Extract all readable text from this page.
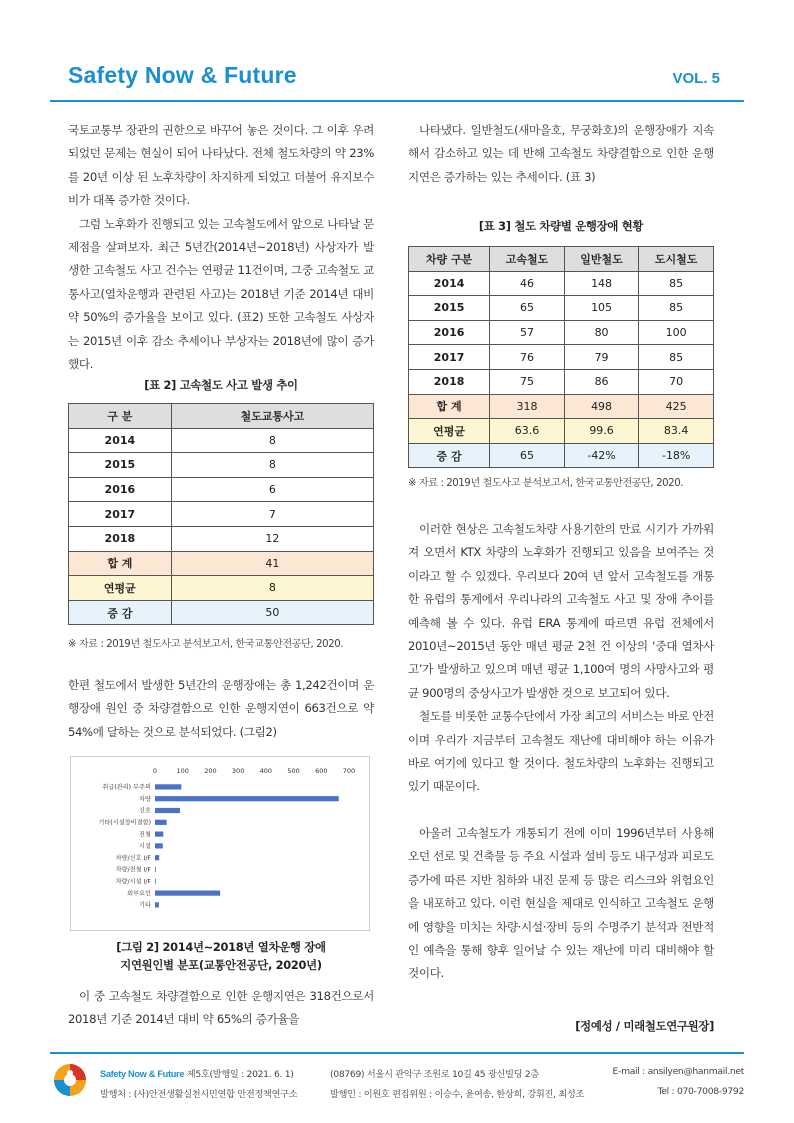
Safety Now & Future	VOL. 5

국토교통부 장관의 권한으로 바꾸어 놓은 것이다. 그 이후 우려되었던 문제는 현실이 되어 나타났다. 전체 철도차량의 약 23%를 20년 이상 된 노후차량이 차지하게 되었고 더불어 유지보수비가 대폭 증가한 것이다.

그럼 노후화가 진행되고 있는 고속철도에서 앞으로 나타날 문제점을 살펴보자. 최근 5년간(2014년~2018년) 사상자가 발생한 고속철도 사고 건수는 연평균 11건이며, 그중 고속철도 교통사고(열차운행과 관련된 사고)는 2018년 기준 2014년 대비 약 50%의 증가율을 보이고 있다. (표2) 또한 고속철도 사상자는 2015년 이후 감소 추세이나 부상자는 2018년에 많이 증가했다.

[표 2] 고속철도 사고 발생 추이
구 분	철도교통사고
2014	8
2015	8
2016	6
2017	7
2018	12
합 계	41
연평균	8
증 감	50
※ 자료 : 2019년 철도사고 분석보고서, 한국교통안전공단, 2020.

한편 철도에서 발생한 5년간의 운행장애는 총 1,242건이며 운행장애 원인 중 차량결함으로 인한 운행지연이 663건으로 약 54%에 달하는 것으로 분석되었다. (그림2)

0	100 200 300 400 500 600 700
취급(관리) 부주의
차량
신호
기타(시설장비결함)
전철
시설
차량/신호 I/F
차량/전철 I/F
차량/시설 I/F
외부요인
기타
[그림 2] 2014년~2018년 열차운행 장애
지연원인별 분포(교통안전공단, 2020년)

이 중 고속철도 차량결함으로 인한 운행지연은 318건으로서 2018년 기준 2014년 대비 약 65%의 증가율을

나타냈다. 일반철도(새마을호, 무궁화호)의 운행장애가 지속해서 감소하고 있는 데 반해 고속철도 차량결함으로 인한 운행지연은 증가하는 있는 추세이다. (표 3)

[표 3] 철도 차량별 운행장애 현황
차량 구분	고속철도	일반철도	도시철도
2014	46	148	85
2015	65	105	85
2016	57	80	100
2017	76	79	85
2018	75	86	70
합 계	318	498	425
연평균	63.6	99.6	83.4
증 감	65	-42%	-18%
※ 자료 : 2019년 철도사고 분석보고서, 한국교통안전공단, 2020.

이러한 현상은 고속철도차량 사용기한의 만료 시기가 가까워져 오면서 KTX 차량의 노후화가 진행되고 있음을 보여주는 것이라고 할 수 있겠다. 우리보다 20여 년 앞서 고속철도를 개통한 유럽의 통계에서 우리나라의 고속철도 사고 및 장애 추이를 예측해 볼 수 있다. 유럽 ERA 통계에 따르면 유럽 전체에서 2010년~2015년 동안 매년 평균 2천 건 이상의 ‘중대 열차사고’가 발생하고 있으며 매년 평균 1,100여 명의 사망사고와 평균 900명의 중상사고가 발생한 것으로 보고되어 있다.

철도를 비롯한 교통수단에서 가장 최고의 서비스는 바로 안전이며 우리가 지금부터 고속철도 재난에 대비해야 하는 이유가 바로 여기에 있다고 할 것이다. 철도차량의 노후화는 진행되고 있기 때문이다.

아울러 고속철도가 개통되기 전에 이미 1996년부터 사용해 오던 선로 및 건축물 등 주요 시설과 설비 등도 내구성과 피로도 증가에 따른 지반 침하와 내진 문제 등 많은 리스크와 위험요인을 내포하고 있다. 이런 현실을 제대로 인식하고 고속철도 운행에 영향을 미치는 차량·시설·장비 등의 수명주기 분석과 전반적인 예측을 통해 향후 일어날 수 있는 재난에 미리 대비해야 할 것이다.

[정예성 / 미래철도연구원장]
Safety Now & Future 제5호(발행일 : 2021. 6. 1)
발행처 : (사)안전생활실천시민연합 안전정책연구소
(08769) 서울시 관악구 조원로 10길 45 광신빌딩 2층
발행인 : 이원호 편집위원 : 이승수, 윤여송, 한상희, 강휘진, 최성조
E-mail : ansilyen@hanmail.net
Tel : 070-7008-9792
